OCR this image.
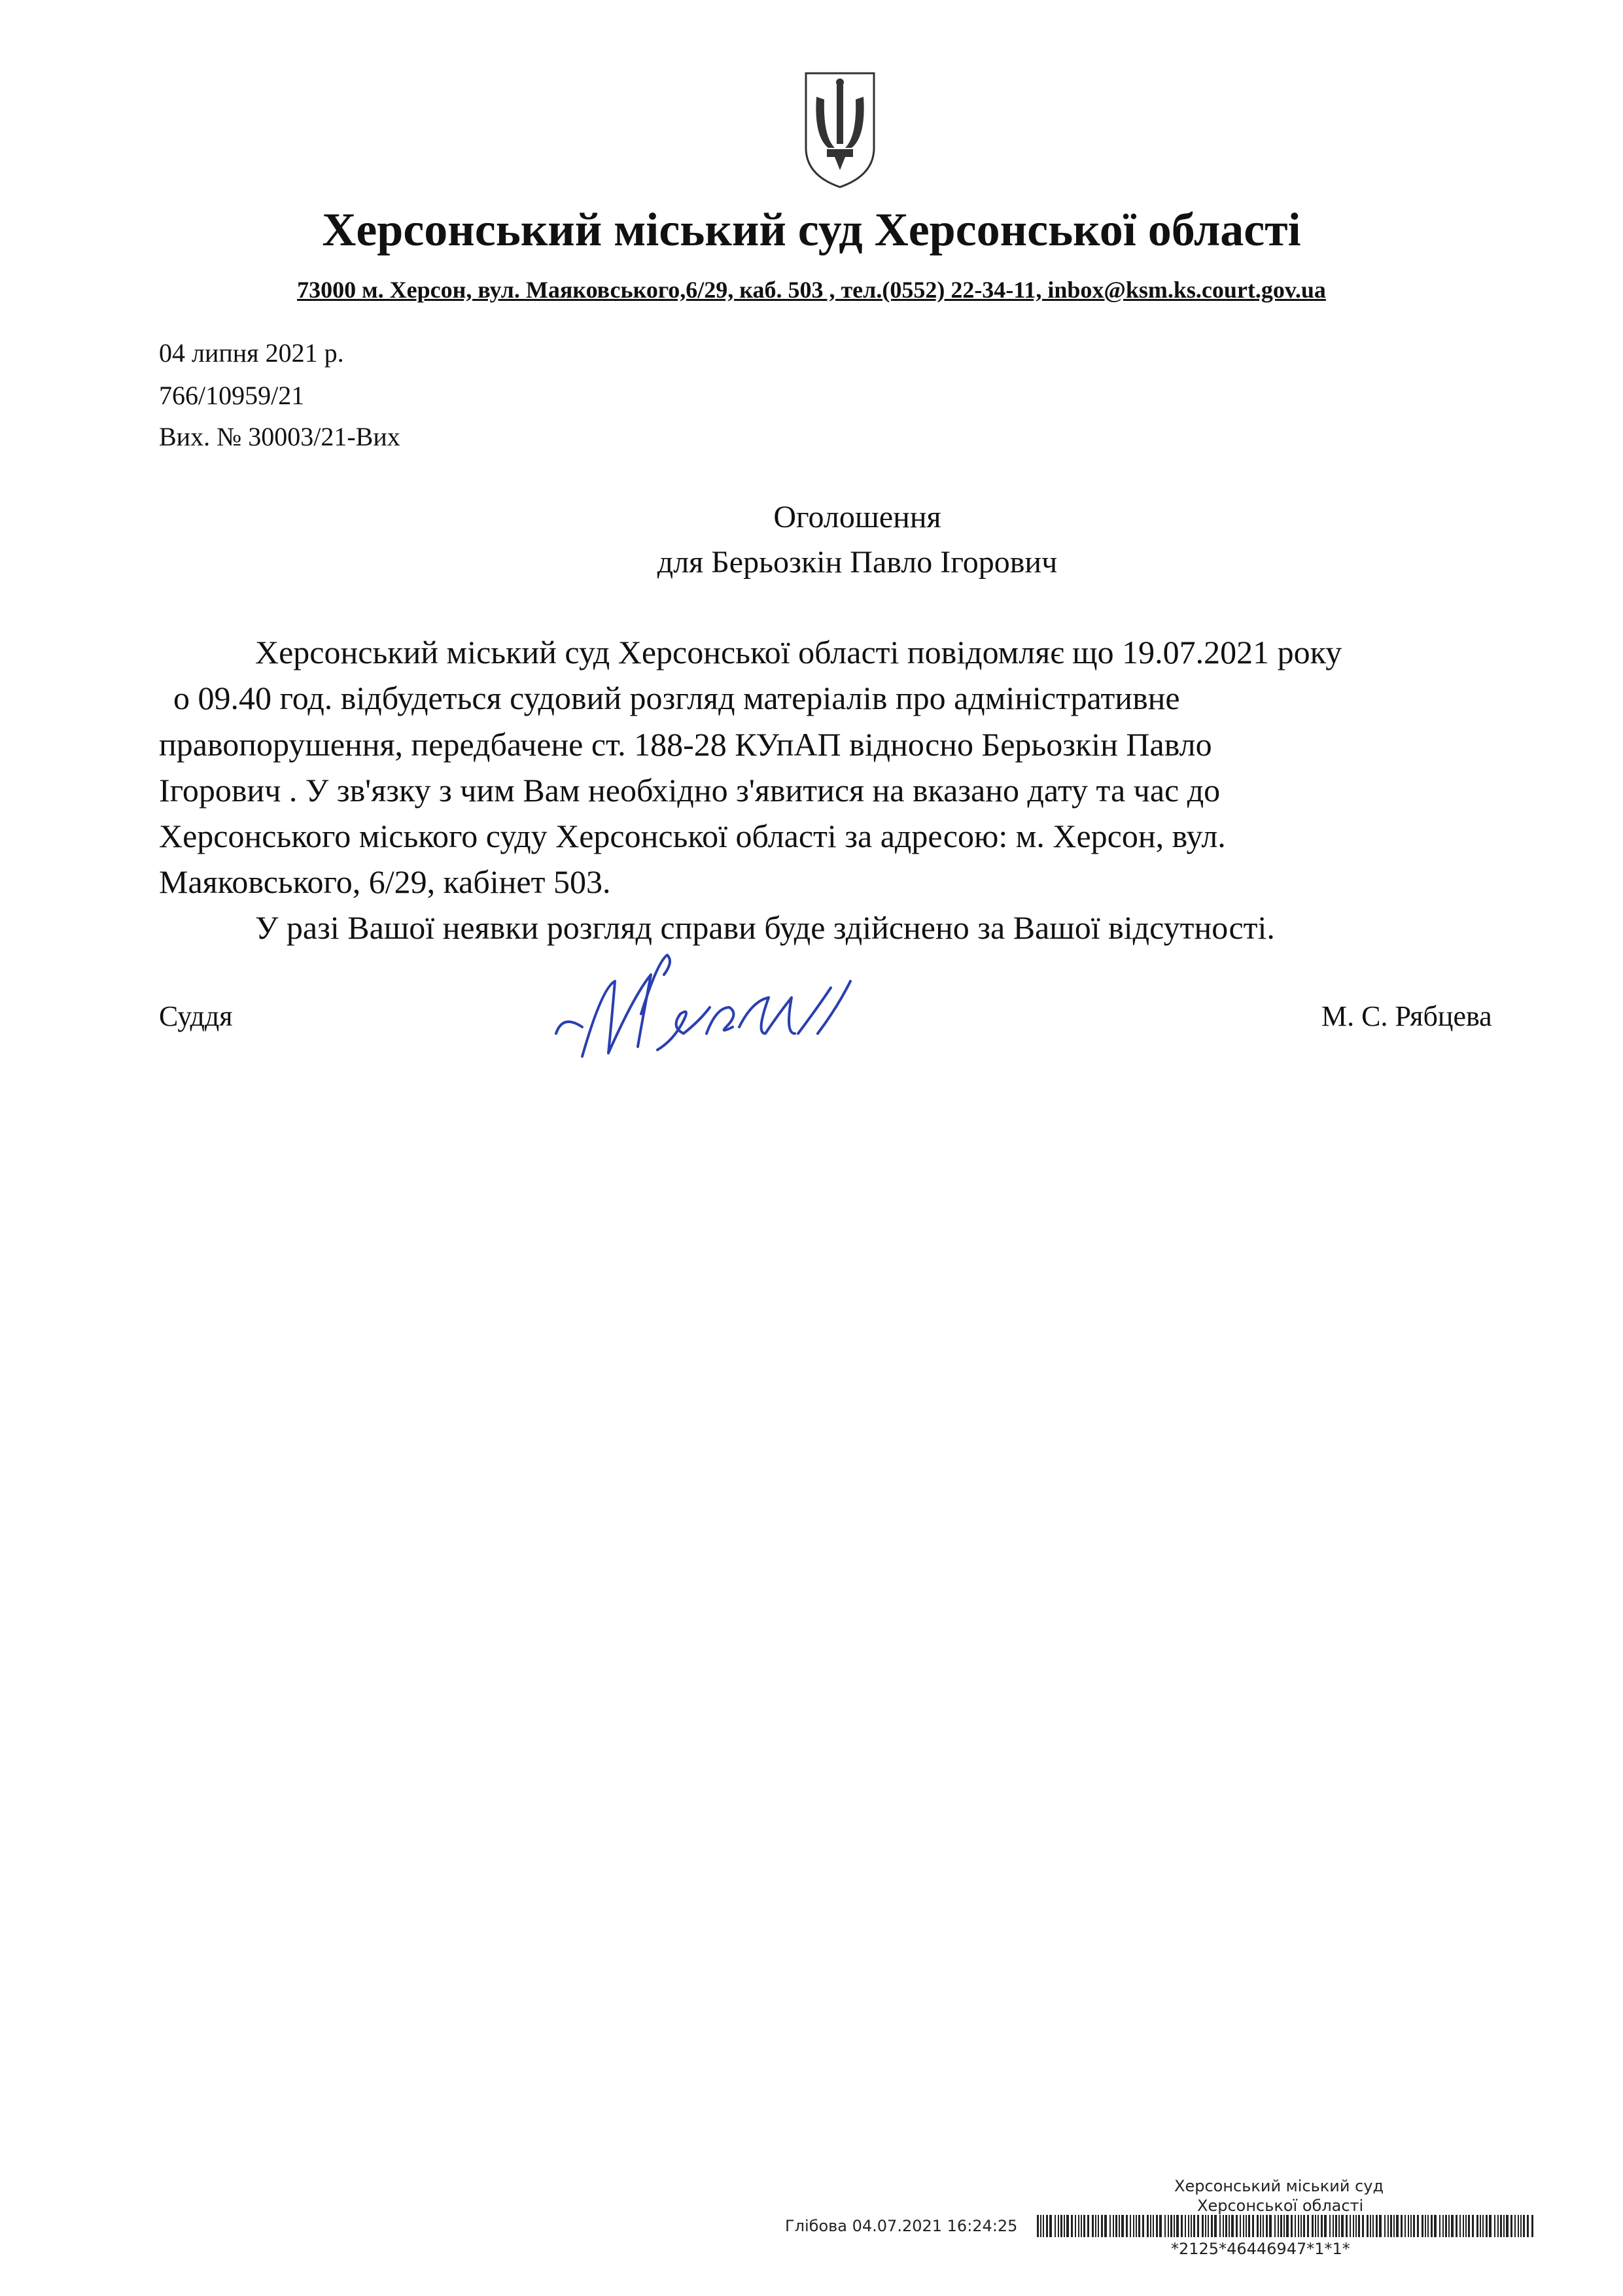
Херсонський міський суд Херсонської області
73000 м. Херсон, вул. Маяковського,6/29, каб. 503 , тел.(0552) 22-34-11, inbox@ksm.ks.court.gov.ua
04 липня 2021 р.
766/10959/21
Вих. № 30003/21-Вих
Оголошення
для Берьозкін Павло Ігорович
Херсонський міський суд Херсонської області повідомляє що 19.07.2021 року
о 09.40 год. відбудеться судовий розгляд матеріалів про адміністративне
правопорушення, передбачене ст. 188-28 КУпАП відносно Берьозкін Павло
Ігорович . У зв'язку з чим Вам необхідно з'явитися на вказано дату та час до
Херсонського міського суду Херсонської області за адресою: м. Херсон, вул.
Маяковського, 6/29, кабінет 503.
У разі Вашої неявки розгляд справи буде здійснено за Вашої відсутності.
Суддя	М. С. Рябцева
Херсонський міський суд
Херсонської області
Глібова 04.07.2021 16:24:25
*2125*46446947*1*1*
